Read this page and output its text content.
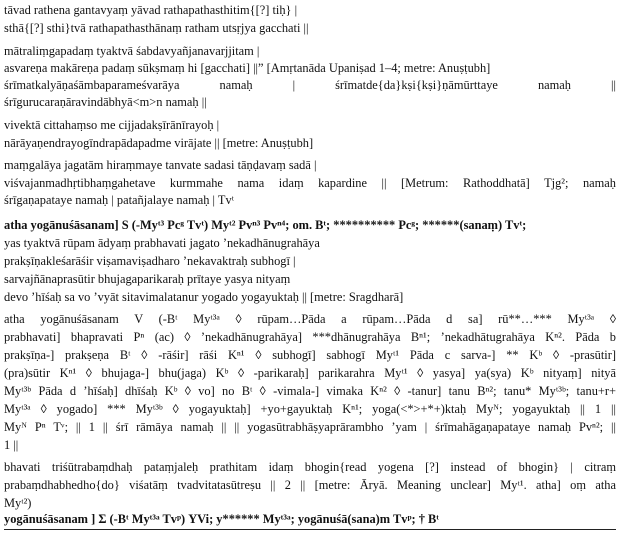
tāvad rathena gantavyaṃ yāvad rathapathasthitim{[?] tiḥ} |
sthā{[?] sthi}tvā rathapathasthānaṃ ratham utsṛjya gacchati ||
mātraliṃgapadaṃ tyaktvā śabdavyañjanavarjjitam |
asvareṇa makāreṇa padaṃ sūkṣmaṃ hi [gacchati] ||” [Amṛtanāda Upaniṣad 1–4; metre: Anuṣṭubh]
śrīmatkalyāṇaśāmbaparameśvarāya namaḥ | śrīmatde{da}kṣi{kṣi}ṇāmūrttaye namaḥ ||
śrīgurucaraṇāravindābhyā<m>n namaḥ ||
vivektā cittahaṃso me cijjadakṣīrānīrayoḥ |
nārāyaṇendrayogīndrapādapadme virājate || [metre: Anuṣṭubh]
maṃgalāya jagatām hiraṃmaye tanvate sadasi tāṇḍavaṃ sadā |
viśvajanmadhṛtibhaṃgahetave kurmmahe nama idaṃ kapardine || [Metrum: Rathoddhatā] Tjg²; namaḥ
śrīgaṇapataye namaḥ | patañjalaye namaḥ | Tvᵗ
atha yogānuśāsanam] S (-Myᵗ³ Pcᵍ Tvᵗ) Myᵗ² Pvⁿ³ Pvⁿ⁴; om. Bᵗ; ********** Pcᵍ; ******(sanaṃ) Tvᵗ;
yas tyaktvā rūpam ādyaṃ prabhavati jagato ’nekadhānugrahāya
prakṣīṇakleśarāśir viṣamaviṣadharo ’nekavaktraḥ subhogī |
sarvajñānaprasūtir bhujagaparikaraḥ prītaye yasya nityaṃ
devo ’hīśaḥ sa vo ’vyāt sitavimalatanur yogado yogayuktaḥ || [metre: Sragdharā]
atha yogānuśāsanam V (-Bᵗ Myᵗ³ᵃ ◊ rūpam…Pāda a rūpam…Pāda d sa] rū**…*** Myᵗ³ᵃ ◊
prabhavati] bhapravati Pⁿ (ac) ◊ ’nekadhānugrahāya] ***dhānugrahāya Bⁿ¹; ’nekadhātugrahāya Kⁿ². Pāda b
prakṣīṇa-] prakṣeṇa Bᵗ ◊ -rāśir] rāśi Kⁿ¹ ◊ subhogī] sabhogī Myᵗ¹ Pāda c sarva-] ** Kᵇ ◊ -prasūtir]
(pra)sūtir Kⁿ¹ ◊ bhujaga-] bhu(jaga) Kᵇ ◊ -parikaraḥ] parikarahra Myᵗ¹ ◊ yasya] ya(sya) Kᵇ nityaṃ] nityā
Myᵗ³ᵇ Pāda d ’hīśaḥ] dhīśaḥ Kᵇ ◊ vo] no Bᵗ ◊ -vimala-] vimaka Kⁿ² ◊ -tanur] tanu Bⁿ²; tanu* Myᵗ³ᵇ; tanu+r+
Myᵗ³ᵃ ◊ yogado] *** Myᵗ³ᵇ ◊ yogayuktaḥ] +yo+gayuktaḥ Kⁿ¹; yoga(<*>+*+)ktaḥ Myᴺ; yogayuktaḥ || 1 ||
Myᴺ Pⁿ Tᵛ; || 1 || śrī rāmāya namaḥ || || yogasūtrabhāṣyaprārambho ’yam | śrīmahāgaṇapataye namaḥ Pvⁿ²; ||
1 ||
bhavati triśūtrabaṃdhaḥ pataṃjaleḥ prathitam idaṃ bhogin{read yogena [?] instead of bhogin} | citraṃ
prabaṃdhabhedho{do} viśatāṃ tvadvitatasūtreṣu || 2 || [metre: Āryā. Meaning unclear] Myᵗ¹. atha] oṃ atha
Myᵗ²)
yogānuśāsanam ] Σ (-Bᵗ Myᵗ³ᵃ Tvᵖ) YVi; y****** Myᵗ³ᵃ; yogānuśā(sana)m Tvᵖ; † Bᵗ
